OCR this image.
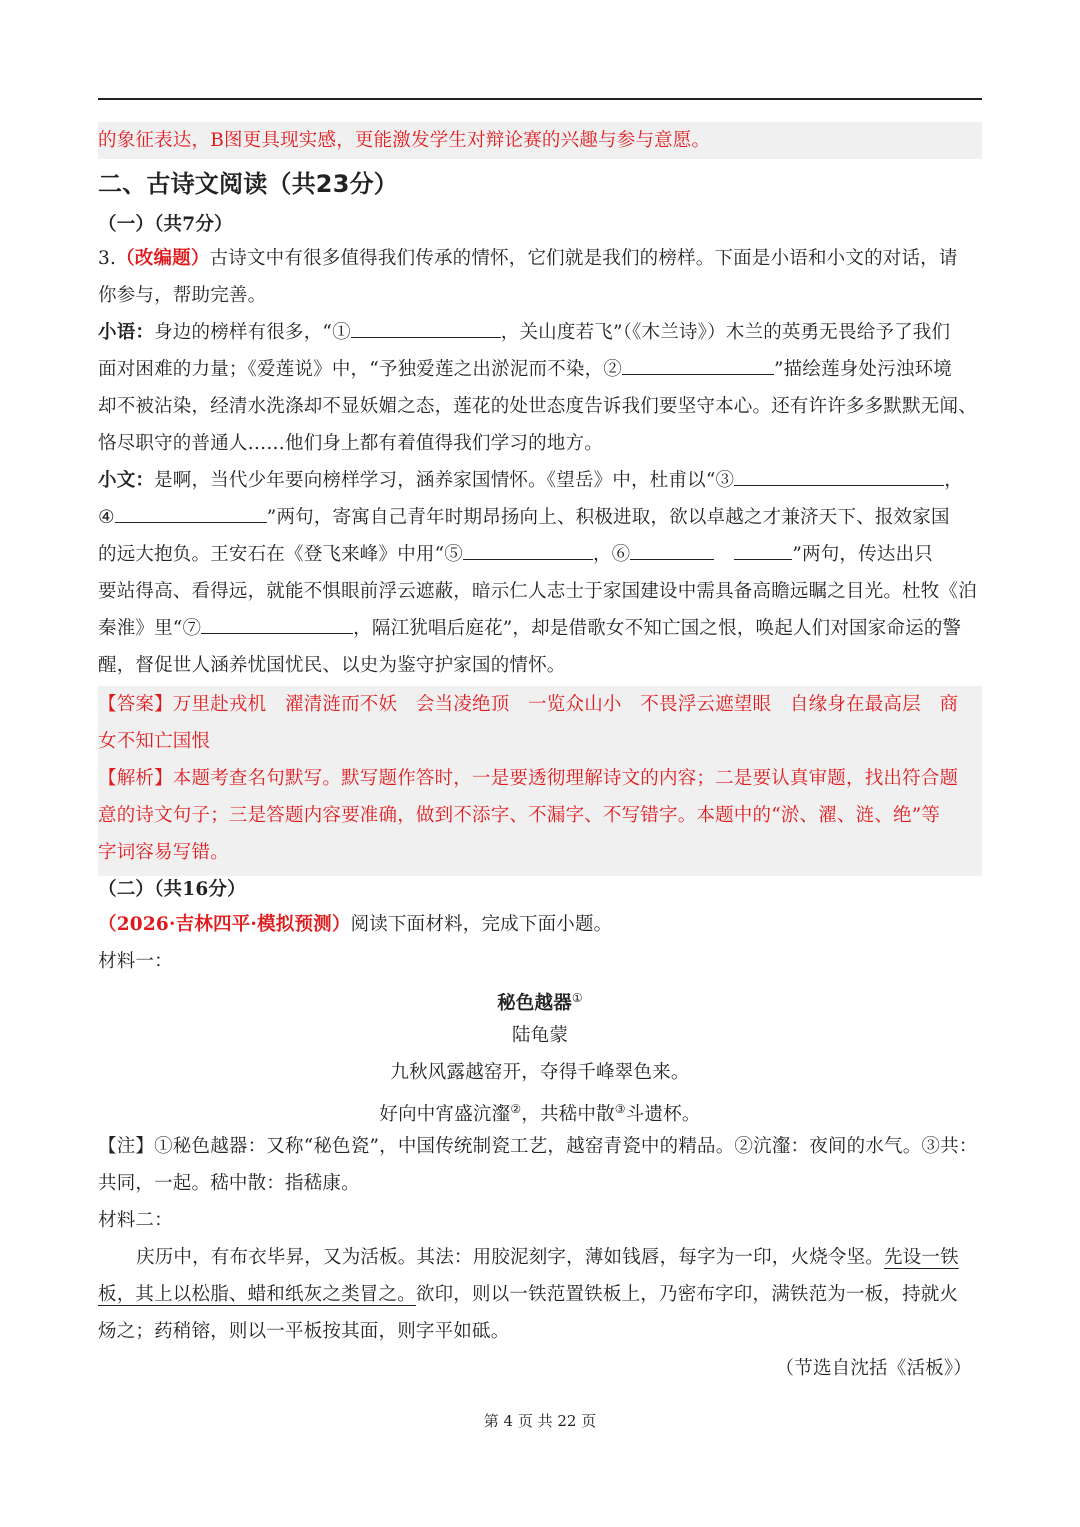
的象征表达，B图更具现实感，更能激发学生对辩论赛的兴趣与参与意愿。
二、古诗文阅读（共23分）
（一）（共7分）
3.（改编题）古诗文中有很多值得我们传承的情怀，它们就是我们的榜样。下面是小语和小文的对话，请
你参与，帮助完善。
小语：身边的榜样有很多，“①	，关山度若飞”（《木兰诗》）木兰的英勇无畏给予了我们
面对困难的力量；《爱莲说》中，“予独爱莲之出淤泥而不染，②	”描绘莲身处污浊环境
却不被沾染，经清水洗涤却不显妖媚之态，莲花的处世态度告诉我们要坚守本心。还有许许多多默默无闻、
恪尽职守的普通人……他们身上都有着值得我们学习的地方。
小文：是啊，当代少年要向榜样学习，涵养家国情怀。《望岳》中，杜甫以“③	，
④	”两句，寄寓自己青年时期昂扬向上、积极进取，欲以卓越之才兼济天下、报效家国
的远大抱负。王安石在《登飞来峰》中用“⑤	，⑥	”两句，传达出只
要站得高、看得远，就能不惧眼前浮云遮蔽，暗示仁人志士于家国建设中需具备高瞻远瞩之目光。杜牧《泊
秦淮》里“⑦	，隔江犹唱后庭花”，却是借歌女不知亡国之恨，唤起人们对国家命运的警
醒，督促世人涵养忧国忧民、以史为鉴守护家国的情怀。
【答案】万里赴戎机　濯清涟而不妖　会当凌绝顶　一览众山小　不畏浮云遮望眼　自缘身在最高层　商
女不知亡国恨
【解析】本题考查名句默写。默写题作答时，一是要透彻理解诗文的内容；二是要认真审题，找出符合题
意的诗文句子；三是答题内容要准确，做到不添字、不漏字、不写错字。本题中的“淤、濯、涟、绝”等
字词容易写错。
（二）（共16分）
（2026·吉林四平·模拟预测）阅读下面材料，完成下面小题。
材料一：
秘色越器①
陆龟蒙
九秋风露越窑开，夺得千峰翠色来。
好向中宵盛沆瀣②，共嵇中散③斗遗杯。
【注】①秘色越器：又称“秘色瓷”，中国传统制瓷工艺，越窑青瓷中的精品。②沆瀣：夜间的水气。③共：
共同，一起。嵇中散：指嵇康。
材料二：
庆历中，有布衣毕昇，又为活板。其法：用胶泥刻字，薄如钱唇，每字为一印，火烧令坚。先设一铁
板，其上以松脂、蜡和纸灰之类冒之。欲印，则以一铁范置铁板上，乃密布字印，满铁范为一板，持就火
炀之；药稍镕，则以一平板按其面，则字平如砥。
（节选自沈括《活板》）
第 4 页 共 22 页
